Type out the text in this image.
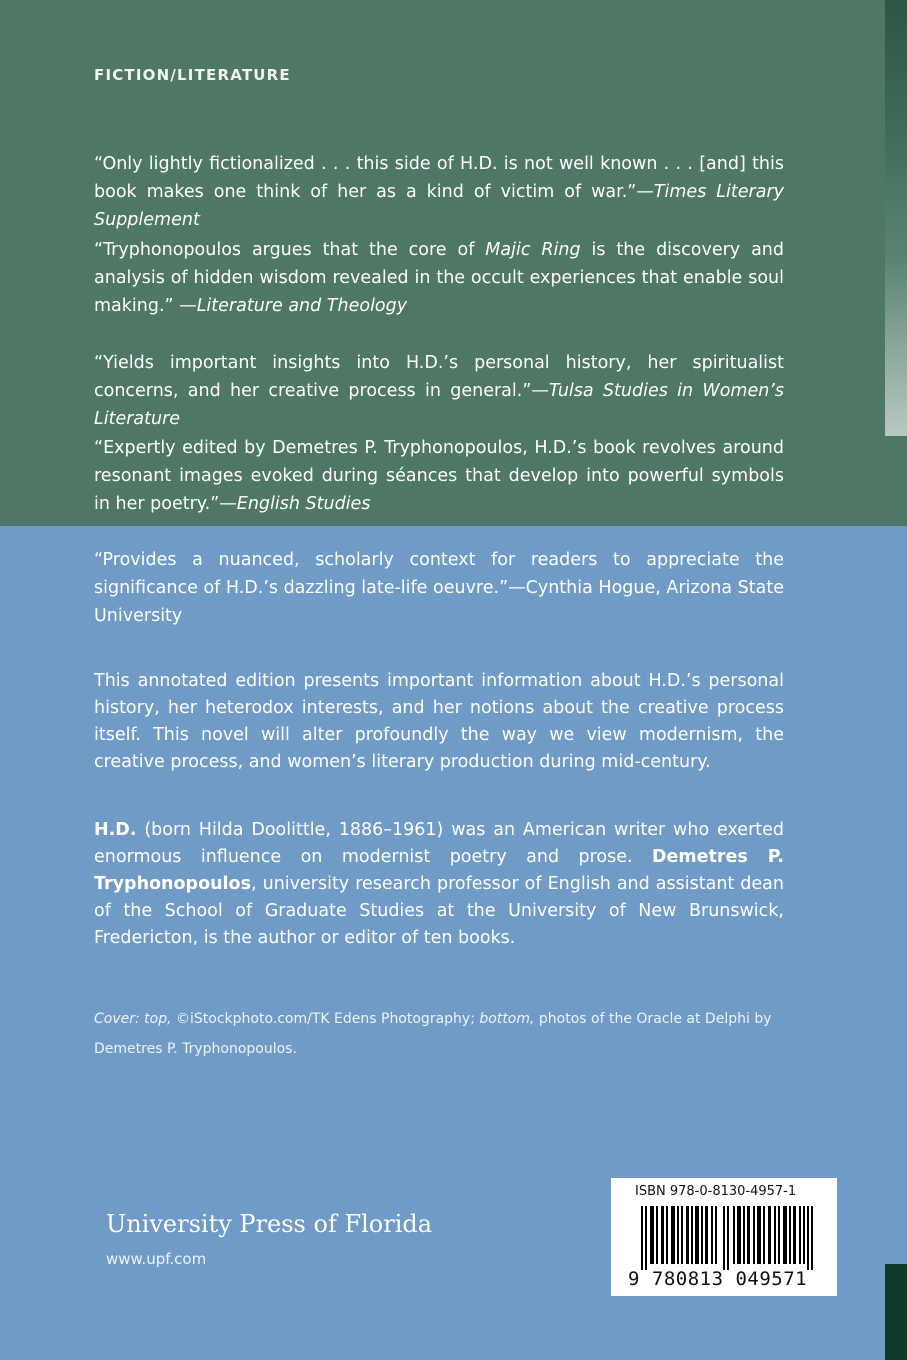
FICTION/LITERATURE

“Only lightly fictionalized . . . this side of H.D. is not well known . . . [and] this book makes one think of her as a kind of victim of war.”—Times Literary Supplement

“Tryphonopoulos argues that the core of Majic Ring is the discovery and analysis of hidden wisdom revealed in the occult experiences that enable soul making.” —Literature and Theology

“Yields important insights into H.D.’s personal history, her spiritualist concerns, and her creative process in general.”—Tulsa Studies in Women’s Literature

“Expertly edited by Demetres P. Tryphonopoulos, H.D.’s book revolves around resonant images evoked during séances that develop into powerful symbols in her poetry.”—English Studies

“Provides a nuanced, scholarly context for readers to appreciate the significance of H.D.’s dazzling late-life oeuvre.”—Cynthia Hogue, Arizona State University

This annotated edition presents important information about H.D.’s personal history, her heterodox interests, and her notions about the creative process itself. This novel will alter profoundly the way we view modernism, the creative process, and women’s literary production during mid-century.

H.D. (born Hilda Doolittle, 1886–1961) was an American writer who exerted enormous influence on modernist poetry and prose. Demetres P. Tryphonopoulos, university research professor of English and assistant dean of the School of Graduate Studies at the University of New Brunswick, Fredericton, is the author or editor of ten books.

Cover: top, ©iStockphoto.com/TK Edens Photography; bottom, photos of the Oracle at Delphi by Demetres P. Tryphonopoulos.

University Press of Florida
www.upf.com
ISBN 978-0-8130-4957-1
9 780813 049571
